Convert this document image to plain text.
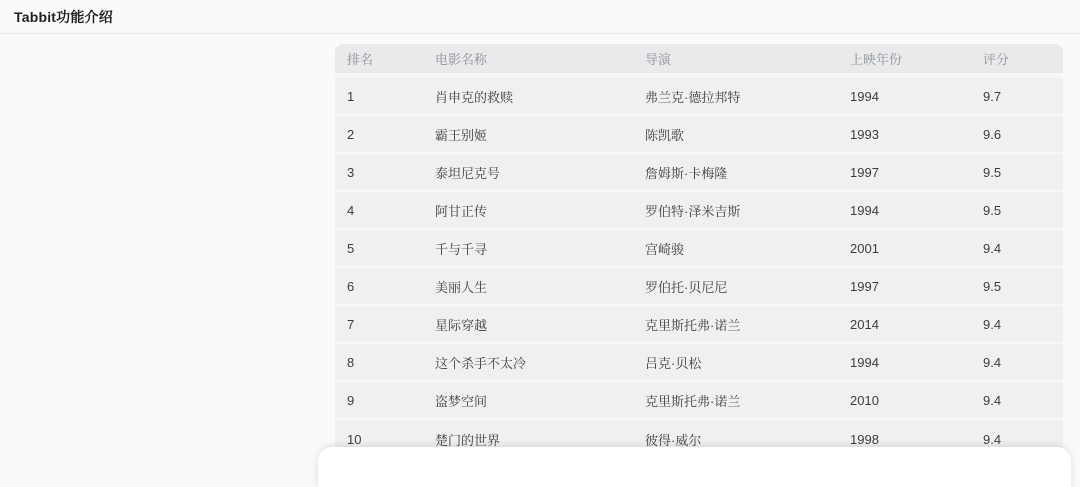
Tabbit功能介绍
排名	电影名称	导演	上映年份	评分
1	肖申克的救赎	弗兰克·德拉邦特	1994	9.7
2	霸王别姬	陈凯歌	1993	9.6
3	泰坦尼克号	詹姆斯·卡梅隆	1997	9.5
4	阿甘正传	罗伯特·泽米吉斯	1994	9.5
5	千与千寻	宫崎骏	2001	9.4
6	美丽人生	罗伯托·贝尼尼	1997	9.5
7	星际穿越	克里斯托弗·诺兰	2014	9.4
8	这个杀手不太冷	吕克·贝松	1994	9.4
9	盗梦空间	克里斯托弗·诺兰	2010	9.4
10	楚门的世界	彼得·威尔	1998	9.4
